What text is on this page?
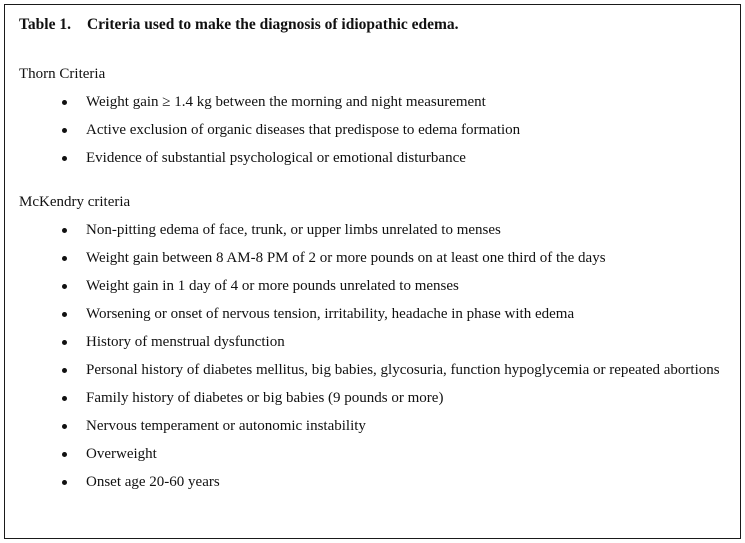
Table 1. Criteria used to make the diagnosis of idiopathic edema.
Thorn Criteria
Weight gain ≥ 1.4 kg between the morning and night measurement
Active exclusion of organic diseases that predispose to edema formation
Evidence of substantial psychological or emotional disturbance
McKendry criteria
Non-pitting edema of face, trunk, or upper limbs unrelated to menses
Weight gain between 8 AM-8 PM of 2 or more pounds on at least one third of the days
Weight gain in 1 day of 4 or more pounds unrelated to menses
Worsening or onset of nervous tension, irritability, headache in phase with edema
History of menstrual dysfunction
Personal history of diabetes mellitus, big babies, glycosuria, function hypoglycemia or repeated abortions
Family history of diabetes or big babies (9 pounds or more)
Nervous temperament or autonomic instability
Overweight
Onset age 20-60 years
